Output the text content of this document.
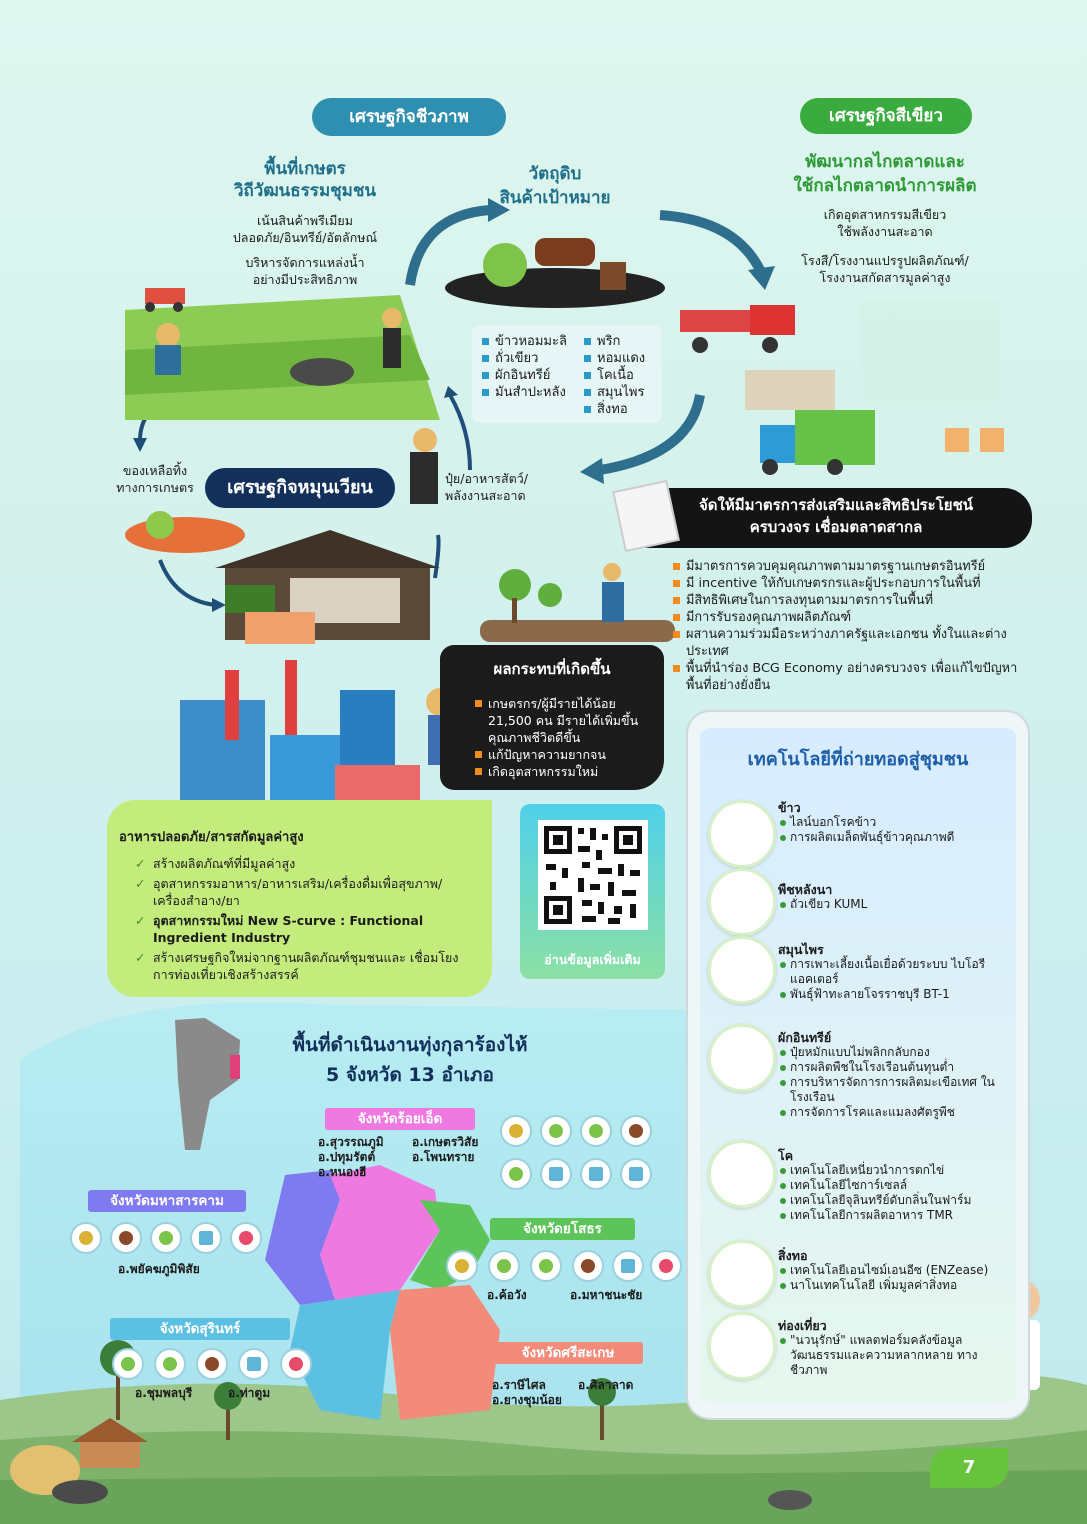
เศรษฐกิจชีวภาพ	เศรษฐกิจสีเขียว
พื้นที่เกษตร
วิถีวัฒนธรรมชุมชน
เน้นสินค้าพรีเมียม
ปลอดภัย/อินทรีย์/อัตลักษณ์
บริหารจัดการแหล่งน้ำ
อย่างมีประสิทธิภาพ
วัตถุดิบ
สินค้าเป้าหมาย
ข้าวหอมมะลิ
ถั่วเขียว
ผักอินทรีย์
มันสำปะหลัง
พริก
หอมแดง
โคเนื้อ
สมุนไพร
สิ่งทอ
พัฒนากลไกตลาดและ
ใช้กลไกตลาดนำการผลิต
เกิดอุตสาหกรรมสีเขียว
ใช้พลังงานสะอาด
โรงสี/โรงงานแปรรูปผลิตภัณฑ์/
โรงงานสกัดสารมูลค่าสูง
ของเหลือทิ้ง
ทางการเกษตร	เศรษฐกิจหมุนเวียน	ปุ๋ย/อาหารสัตว์/
พลังงานสะอาด
จัดให้มีมาตรการส่งเสริมและสิทธิประโยชน์
ครบวงจร เชื่อมตลาดสากล
มีมาตรการควบคุมคุณภาพตามมาตรฐานเกษตรอินทรีย์
มี incentive ให้กับเกษตรกรและผู้ประกอบการในพื้นที่
มีสิทธิพิเศษในการลงทุนตามมาตรการในพื้นที่
มีการรับรองคุณภาพผลิตภัณฑ์
ผสานความร่วมมือระหว่างภาครัฐและเอกชน ทั้งในและต่างประเทศ
พื้นที่นำร่อง BCG Economy อย่างครบวงจร เพื่อแก้ไขปัญหาพื้นที่อย่างยั่งยืน
ผลกระทบที่เกิดขึ้น
เกษตรกร/ผู้มีรายได้น้อย 21,500 คน มีรายได้เพิ่มขึ้น คุณภาพชีวิตดีขึ้น
แก้ปัญหาความยากจน
เกิดอุตสาหกรรมใหม่
อาหารปลอดภัย/สารสกัดมูลค่าสูง
✓ สร้างผลิตภัณฑ์ที่มีมูลค่าสูง
✓ อุตสาหกรรมอาหาร/อาหารเสริม/เครื่องดื่มเพื่อสุขภาพ/ เครื่องสำอาง/ยา
✓ อุตสาหกรรมใหม่ New S-curve : Functional Ingredient Industry
✓ สร้างเศรษฐกิจใหม่จากฐานผลิตภัณฑ์ชุมชนและ เชื่อมโยงการท่องเที่ยวเชิงสร้างสรรค์
อ่านข้อมูลเพิ่มเติม
เทคโนโลยีที่ถ่ายทอดสู่ชุมชน
ข้าว
ไลน์บอกโรคข้าว
การผลิตเมล็ดพันธุ์ข้าวคุณภาพดี
พืชหลังนา
ถั่วเขียว KUML
สมุนไพร
การเพาะเลี้ยงเนื้อเยื่อด้วยระบบ ไบโอรีแอคเตอร์
พันธุ์ฟ้าทะลายโจรราชบุรี BT-1
ผักอินทรีย์
ปุ๋ยหมักแบบไม่พลิกกลับกอง
การผลิตพืชในโรงเรือนต้นทุนต่ำ
การบริหารจัดการการผลิตมะเขือเทศ ในโรงเรือน
การจัดการโรคและแมลงศัตรูพืช
โค
เทคโนโลยีเหนี่ยวนำการตกไข่
เทคโนโลยีไซการ์เซลล์
เทคโนโลยีจุลินทรีย์ดับกลิ่นในฟาร์ม
เทคโนโลยีการผลิตอาหาร TMR
สิ่งทอ
เทคโนโลยีเอนไซม์เอนอีซ (ENZease)
นาโนเทคโนโลยี เพิ่มมูลค่าสิ่งทอ
ท่องเที่ยว
"นวนุรักษ์" แพลตฟอร์มคลังข้อมูล วัฒนธรรมและความหลากหลาย ทางชีวภาพ
พื้นที่ดำเนินงานทุ่งกุลาร้องไห้
5 จังหวัด 13 อำเภอ
จังหวัดร้อยเอ็ด
อ.สุวรรณภูมิ
อ.ปทุมรัตต์
อ.หนองฮี
อ.เกษตรวิสัย
อ.โพนทราย
จังหวัดมหาสารคาม
อ.พยัคฆภูมิพิสัย
จังหวัดยโสธร
อ.ค้อวัง	อ.มหาชนะชัย
จังหวัดสุรินทร์
อ.ชุมพลบุรี	อ.ท่าตูม
จังหวัดศรีสะเกษ
อ.ราษีไศล
อ.ยางชุมน้อย
อ.ศิลาลาด
7
